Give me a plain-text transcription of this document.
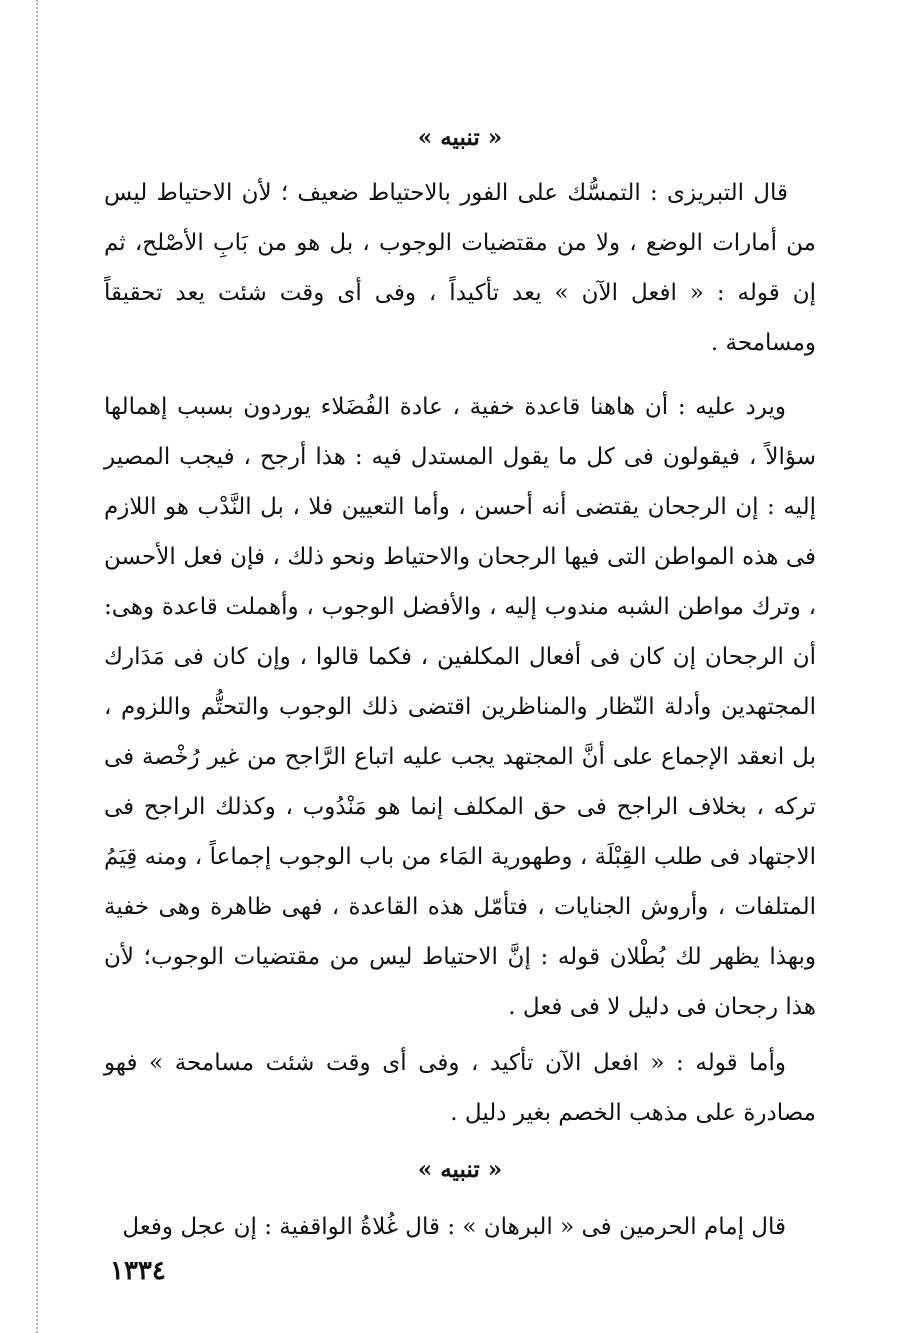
« تنبيه »

قال التبريزى : التمسُّك على الفور بالاحتياط ضعيف ؛ لأن الاحتياط ليس من أمارات الوضع ، ولا من مقتضيات الوجوب ، بل هو من بَابِ الأصْلح، ثم إن قوله : « افعل الآن » يعد تأكيداً ، وفى أى وقت شئت يعد تحقيقاً ومسامحة .

ويرد عليه : أن هاهنا قاعدة خفية ، عادة الفُضَلاء يوردون بسبب إهمالها سؤالاً ، فيقولون فى كل ما يقول المستدل فيه : هذا أرجح ، فيجب المصير إليه : إن الرجحان يقتضى أنه أحسن ، وأما التعيين فلا ، بل النَّدْب هو اللازم فى هذه المواطن التى فيها الرجحان والاحتياط ونحو ذلك ، فإن فعل الأحسن ، وترك مواطن الشبه مندوب إليه ، والأفضل الوجوب ، وأهملت قاعدة وهى: أن الرجحان إن كان فى أفعال المكلفين ، فكما قالوا ، وإن كان فى مَدَارك المجتهدين وأدلة النّظار والمناظرين اقتضى ذلك الوجوب والتحتُّم واللزوم ، بل انعقد الإجماع على أنَّ المجتهد يجب عليه اتباع الرَّاجح من غير رُخْصة فى تركه ، بخلاف الراجح فى حق المكلف إنما هو مَنْدُوب ، وكذلك الراجح فى الاجتهاد فى طلب القِبْلَة ، وطهورية المَاء من باب الوجوب إجماعاً ، ومنه قِيَمُ المتلفات ، وأروش الجنايات ، فتأمّل هذه القاعدة ، فهى ظاهرة وهى خفية وبهذا يظهر لك بُطْلان قوله : إنَّ الاحتياط ليس من مقتضيات الوجوب؛ لأن هذا رجحان فى دليل لا فى فعل .

وأما قوله : « افعل الآن تأكيد ، وفى أى وقت شئت مسامحة » فهو مصادرة على مذهب الخصم بغير دليل .

« تنبيه »

قال إمام الحرمين فى « البرهان » : قال غُلاةُ الواقفية : إن عجل وفعل

١٣٣٤
